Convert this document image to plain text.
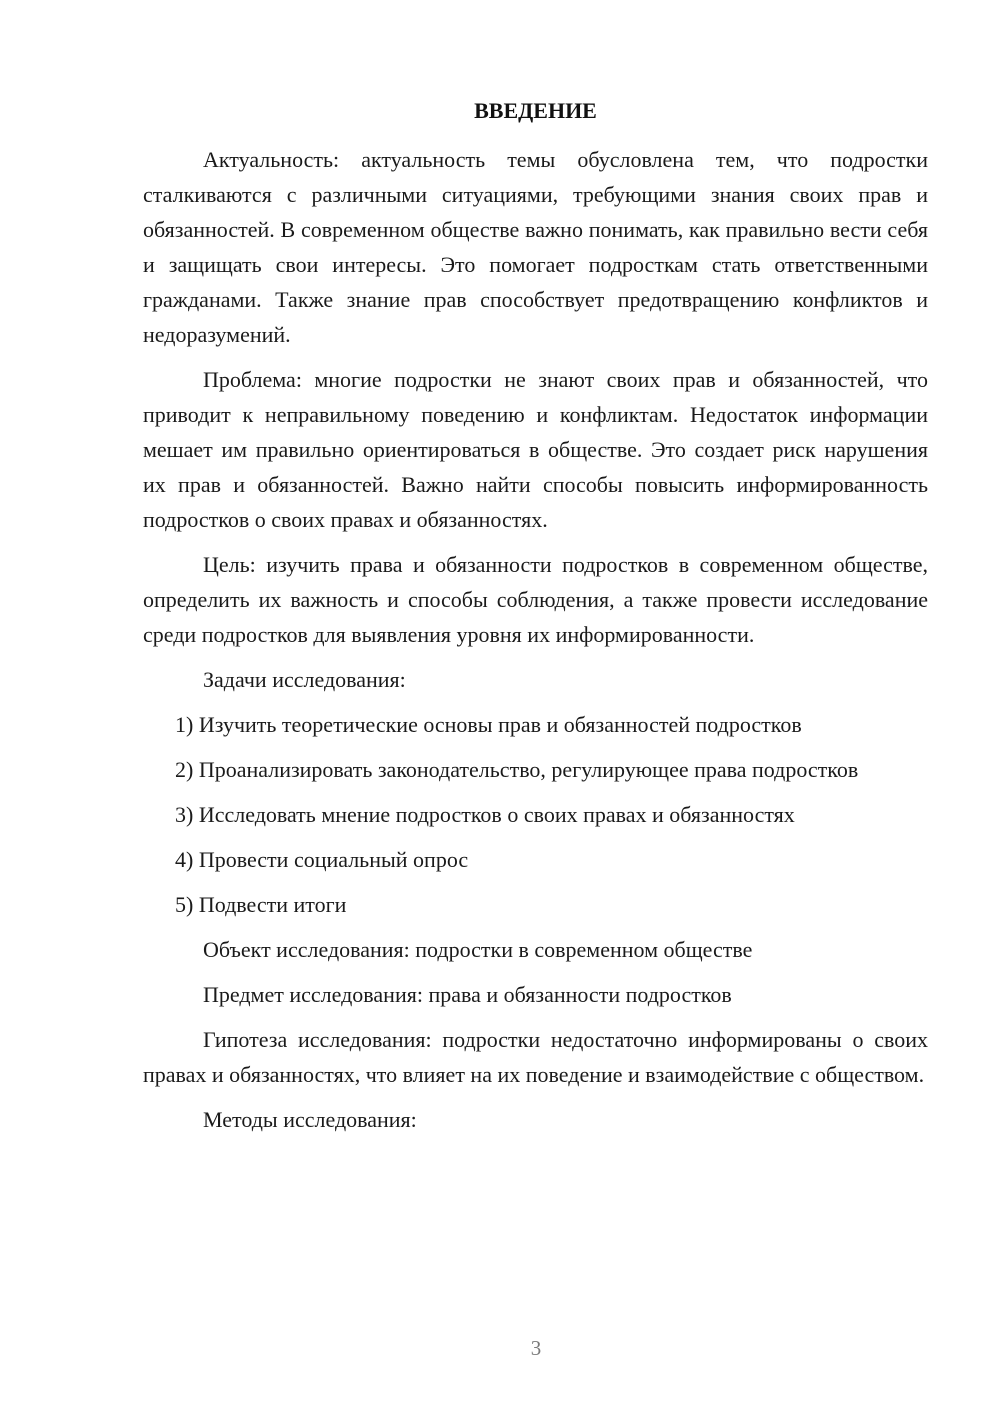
ВВЕДЕНИЕ

Актуальность: актуальность темы обусловлена тем, что подростки сталкиваются с различными ситуациями, требующими знания своих прав и обязанностей. В современном обществе важно понимать, как правильно вести себя и защищать свои интересы. Это помогает подросткам стать ответственными гражданами. Также знание прав способствует предотвращению конфликтов и недоразумений.

Проблема: многие подростки не знают своих прав и обязанностей, что приводит к неправильному поведению и конфликтам. Недостаток информации мешает им правильно ориентироваться в обществе. Это создает риск нарушения их прав и обязанностей. Важно найти способы повысить информированность подростков о своих правах и обязанностях.

Цель: изучить права и обязанности подростков в современном обществе, определить их важность и способы соблюдения, а также провести исследование среди подростков для выявления уровня их информированности.

Задачи исследования:

1) Изучить теоретические основы прав и обязанностей подростков

2) Проанализировать законодательство, регулирующее права подростков

3) Исследовать мнение подростков о своих правах и обязанностях

4) Провести социальный опрос

5) Подвести итоги

Объект исследования: подростки в современном обществе

Предмет исследования: права и обязанности подростков

Гипотеза исследования: подростки недостаточно информированы о своих правах и обязанностях, что влияет на их поведение и взаимодействие с обществом.

Методы исследования:

3
